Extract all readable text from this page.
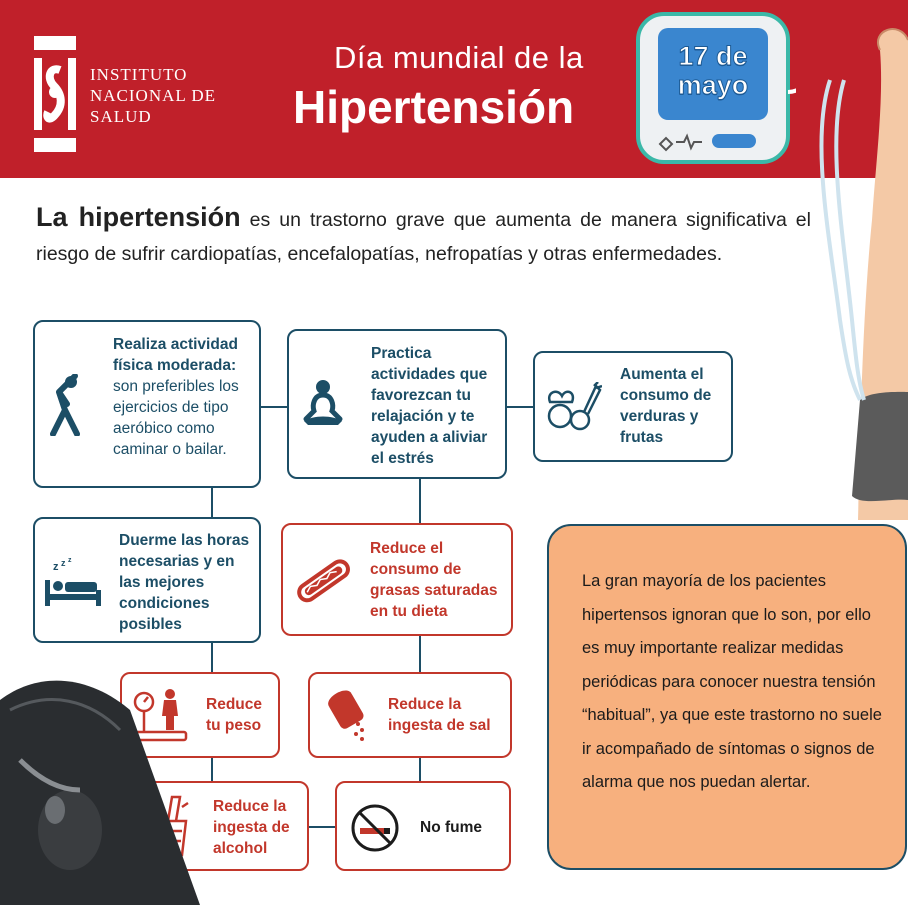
INSTITUTO
NACIONAL DE
SALUD
Día mundial de la
Hipertensión
17 de
mayo

La hipertensión es un trastorno grave que aumenta de manera significativa el riesgo de sufrir cardiopatías, encefalopatías, nefropatías y otras enfermedades.

Realiza actividad física moderada:
son preferibles los ejercicios de tipo aeróbico como caminar o bailar.
Practica actividades que favorezcan tu relajación y te ayuden a aliviar el estrés
Aumenta el consumo de verduras y frutas
z z z
Duerme las horas necesarias y en las mejores condiciones posibles
Reduce el consumo de grasas saturadas en tu dieta
Reduce tu peso
Reduce la ingesta de sal
Reduce la ingesta de alcohol
No fume
La gran mayoría de los pacientes hipertensos ignoran que lo son, por ello es muy importante realizar medidas periódicas para conocer nuestra tensión “habitual”, ya que este trastorno no suele ir acompañado de síntomas o signos de alarma que nos puedan alertar.
